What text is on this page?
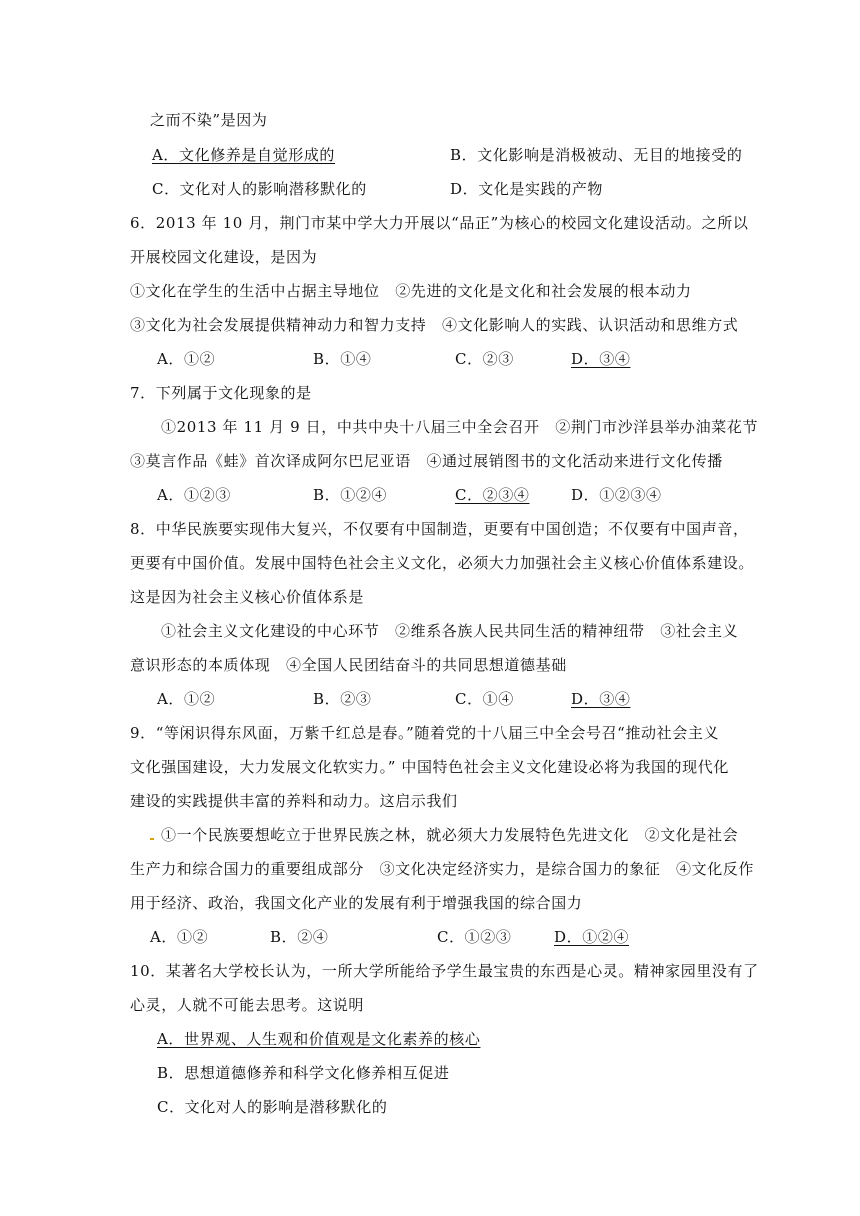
之而不染”是因为
A．文化修养是自觉形成的	B．文化影响是消极被动、无目的地接受的
C．文化对人的影响潜移默化的	D．文化是实践的产物
6．2013 年 10 月，荆门市某中学大力开展以“品正”为核心的校园文化建设活动。之所以
开展校园文化建设，是因为
①文化在学生的生活中占据主导地位　②先进的文化是文化和社会发展的根本动力
③文化为社会发展提供精神动力和智力支持　④文化影响人的实践、认识活动和思维方式
A．①②	B．①④	C．②③	D．③④
7．下列属于文化现象的是
①2013 年 11 月 9 日，中共中央十八届三中全会召开　②荆门市沙洋县举办油菜花节
③莫言作品《蛙》首次译成阿尔巴尼亚语　④通过展销图书的文化活动来进行文化传播
A．①②③	B．①②④	C．②③④	D．①②③④
8．中华民族要实现伟大复兴，不仅要有中国制造，更要有中国创造；不仅要有中国声音，
更要有中国价值。发展中国特色社会主义文化，必须大力加强社会主义核心价值体系建设。
这是因为社会主义核心价值体系是
①社会主义文化建设的中心环节　②维系各族人民共同生活的精神纽带　③社会主义
意识形态的本质体现　④全国人民团结奋斗的共同思想道德基础
A．①②	B．②③	C．①④	D．③④
9．“等闲识得东风面，万紫千红总是春。”随着党的十八届三中全会号召“推动社会主义
文化强国建设，大力发展文化软实力。” 中国特色社会主义文化建设必将为我国的现代化
建设的实践提供丰富的养料和动力。这启示我们
①一个民族要想屹立于世界民族之林，就必须大力发展特色先进文化　②文化是社会
生产力和综合国力的重要组成部分　③文化决定经济实力，是综合国力的象征　④文化反作
用于经济、政治，我国文化产业的发展有利于增强我国的综合国力
A．①②	B．②④	C．①②③	D．①②④
10．某著名大学校长认为，一所大学所能给予学生最宝贵的东西是心灵。精神家园里没有了
心灵，人就不可能去思考。这说明
A．世界观、人生观和价值观是文化素养的核心
B．思想道德修养和科学文化修养相互促进
C．文化对人的影响是潜移默化的
